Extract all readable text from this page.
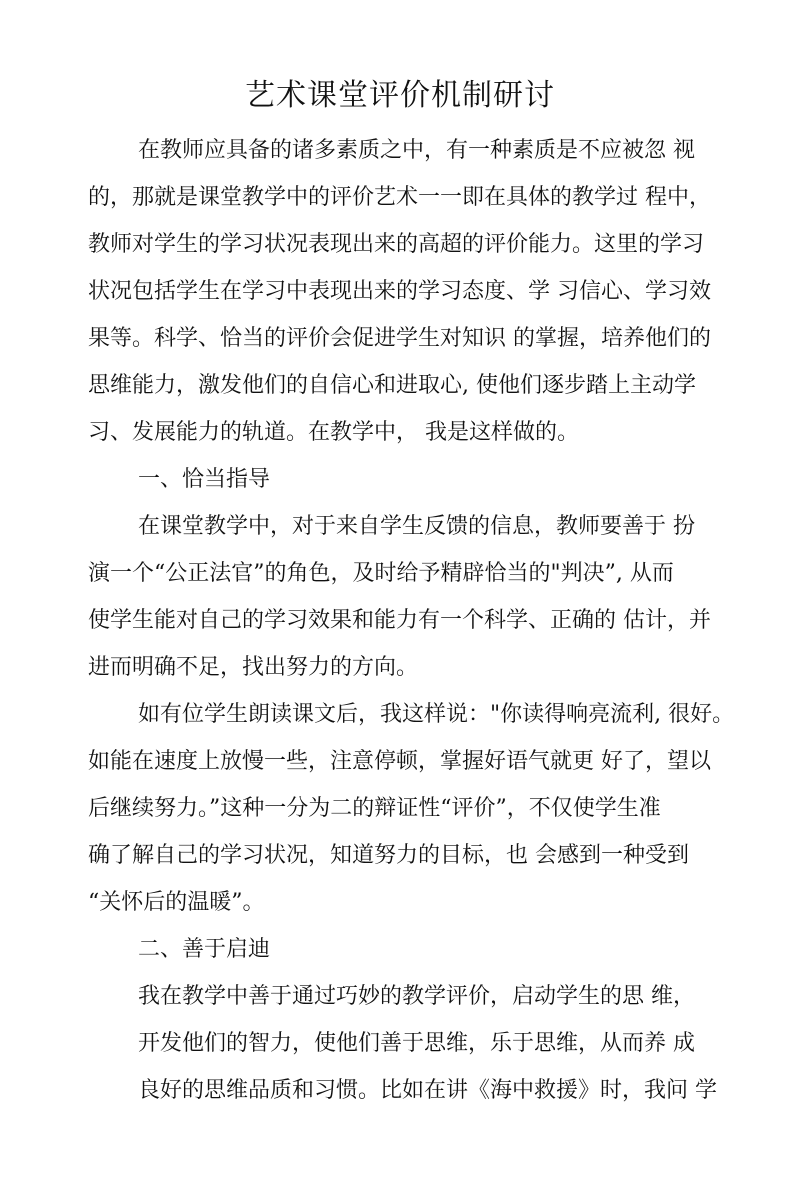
艺术课堂评价机制研讨
在教师应具备的诸多素质之中，有一种素质是不应被忽 视
的，那就是课堂教学中的评价艺术一一即在具体的教学过 程中，
教师对学生的学习状况表现出来的高超的评价能力。这里的学习
状况包括学生在学习中表现出来的学习态度、学 习信心、学习效
果等。科学、恰当的评价会促进学生对知识 的掌握，培养他们的
思维能力，激发他们的自信心和进取心, 使他们逐步踏上主动学
习、发展能力的轨道。在教学中， 我是这样做的。
一、恰当指导
在课堂教学中，对于来自学生反馈的信息，教师要善于 扮
演一个“公正法官”的角色，及时给予精辟恰当的"判决”, 从而
使学生能对自己的学习效果和能力有一个科学、正确的 估计，并
进而明确不足，找出努力的方向。
如有位学生朗读课文后，我这样说："你读得响亮流利, 很好。
如能在速度上放慢一些，注意停顿，掌握好语气就更 好了，望以
后继续努力。”这种一分为二的辩证性“评价”，不仅使学生准
确了解自己的学习状况，知道努力的目标，也 会感到一种受到
“关怀后的温暖”。
二、善于启迪
我在教学中善于通过巧妙的教学评价，启动学生的思 维，
开发他们的智力，使他们善于思维，乐于思维，从而养 成
良好的思维品质和习惯。比如在讲《海中救援》时，我问 学
